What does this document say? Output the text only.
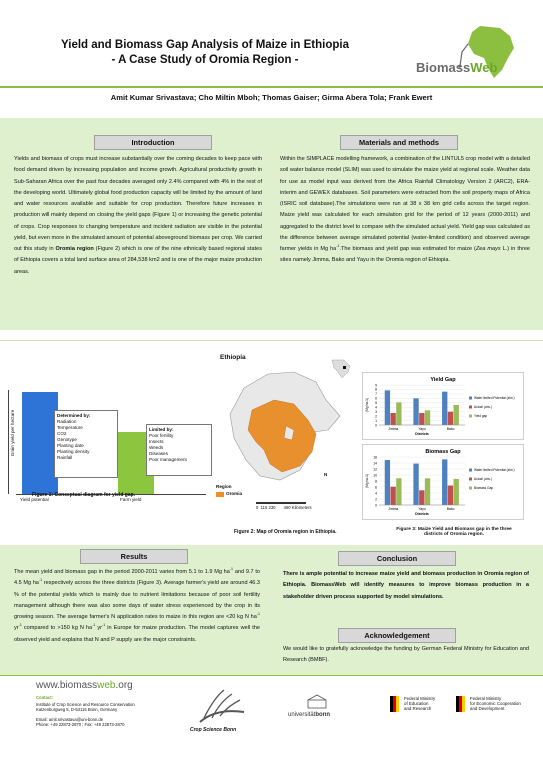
Yield and Biomass Gap Analysis of Maize in Ethiopia
- A Case Study of Oromia Region -	BiomassWeb
Amit Kumar Srivastava; Cho Miltin Mboh; Thomas Gaiser; Girma Abera Tola; Frank Ewert
Introduction	Materials and methods
Yields and biomass of crops must increase substantially over the coming decades to keep pace with food demand driven by increasing population and income growth. Agricultural productivity growth in Sub-Saharan Africa over the past four decades averaged only 2.4% compared with 4% in the rest of the developing world. Ultimately global food production capacity will be limited by the amount of land and water resources available and suitable for crop production. Therefore future increases in production will mainly depend on closing the yield gaps (Figure 1) or increasing the genetic potential of crops. Crop responses to changing temperature and incident radiation are visible in the potential yield, but even more in the simulated amount of potential aboveground biomass per crop. We carried out this study in Oromia region (Figure 2) which is one of the nine ethnically based regional states of Ethiopia covers a total land surface area of 284,538 km2 and is one of the major maize production areas.
Within the SIMPLACE modelling framework, a combination of the LINTUL5 crop model with a detailed soil water balance model (SLIM) was used to simulate the maize yield at regional scale. Weather data for use as model input was derived from the Africa Rainfall Climatology Version 2 (ARC2), ERA-interim and GEWEX databases. Soil parameters were extracted from the soil property maps of Africa (ISRIC soil database).The simulations were run at 38 x 38 km grid cells across the target region. Maize yield was calculated for each simulation grid for the period of 12 years (2000-2011) and aggregated to the district level to compare with the simulated actual yield. Yield gap was calculated as the difference between average simulated potential (water-limited condition) and observed average farmer yields in Mg $ha^{-1}.The$ biomass and yield gap was estimated for maize (Zea mays L.) in three sites namely Jimma, Bako and Yayu in the Oromia region of Ethiopia.
Grain yield per hectare	Determined by:
Radiation
Temperature
CO2
Genotype
Planting date
Planting density
Rainfall
Limited by:
Poor fertility
Insects
Weeds
Diseases
Poor management
Yield potential	Farm yield
Figure 1: Conceptual diagram for yield gap.
Ethiopia
Region
Oromia
N
0  115 230       460 Kilometers
Figure 2: Map of Oromia region in Ethiopia.
Yield Gap
0
1
2
3
4
5
6
7
8
9
(Mg ha-1)
Jimma	Yayu	Bako
Districts
Water limited Potential (sim.)
Actual (obs.)
Yield gap
Biomass Gap
0
2
4
6
8
10
12
14
16
(Mg ha-1)
Jimma	Yayu	Bako
Districts
Water limited Potential (sim.)
Actual (obs.)
Biomass Gap
Figure 3: Maize Yield and Biomass gap in the three
districts of Oromia region.
Results	Conclusion
Acknowledgement
The mean yield and biomass gap in the period 2000-2011 varies from 5.1 to 1.9 Mg $ha^{-1}$ and 9.7 to 4.5 Mg $ha^{-1}$ respectively across the three districts (Figure 3). Average farmer's yield are around 46.3 % of the potential yields which is mainly due to nutrient limitations because of poor soil fertility management although there was also some days of water stress experienced by the crop in its growing season. The average farmer's N application rates to maize in this region are <20 kg N $ha^{-1}$ $yr^{-1}$ compared to >150 kg N $ha^{-1}$ $yr^{-1}$ in Europe for maize production. The model captures well the observed yield and explains that N and P supply are the major constraints.
There is ample potential to increase maize yield and biomass production in Oromia region of Ethiopia. BiomassWeb will identify measures to improve biomass production in a stakeholder driven process supported by model simulations.
We would like to gratefully acknowledge the funding by German Federal Ministry for Education and Research (BMBF).
www.biomassweb.org
Contact:
Institute of Crop Science and Resource Conservation
Katzenburgweg 5, D-53115 Bonn, Germany
Email: amit.srivastava@uni-bonn.de
Phone: +49 22873-2870 ; Fax: +49 22873-2870
Crop Science Bonn
universitätbonn
Federal Ministry
of Education
and Research
Federal Ministry
for Economic Cooperation
and Development
